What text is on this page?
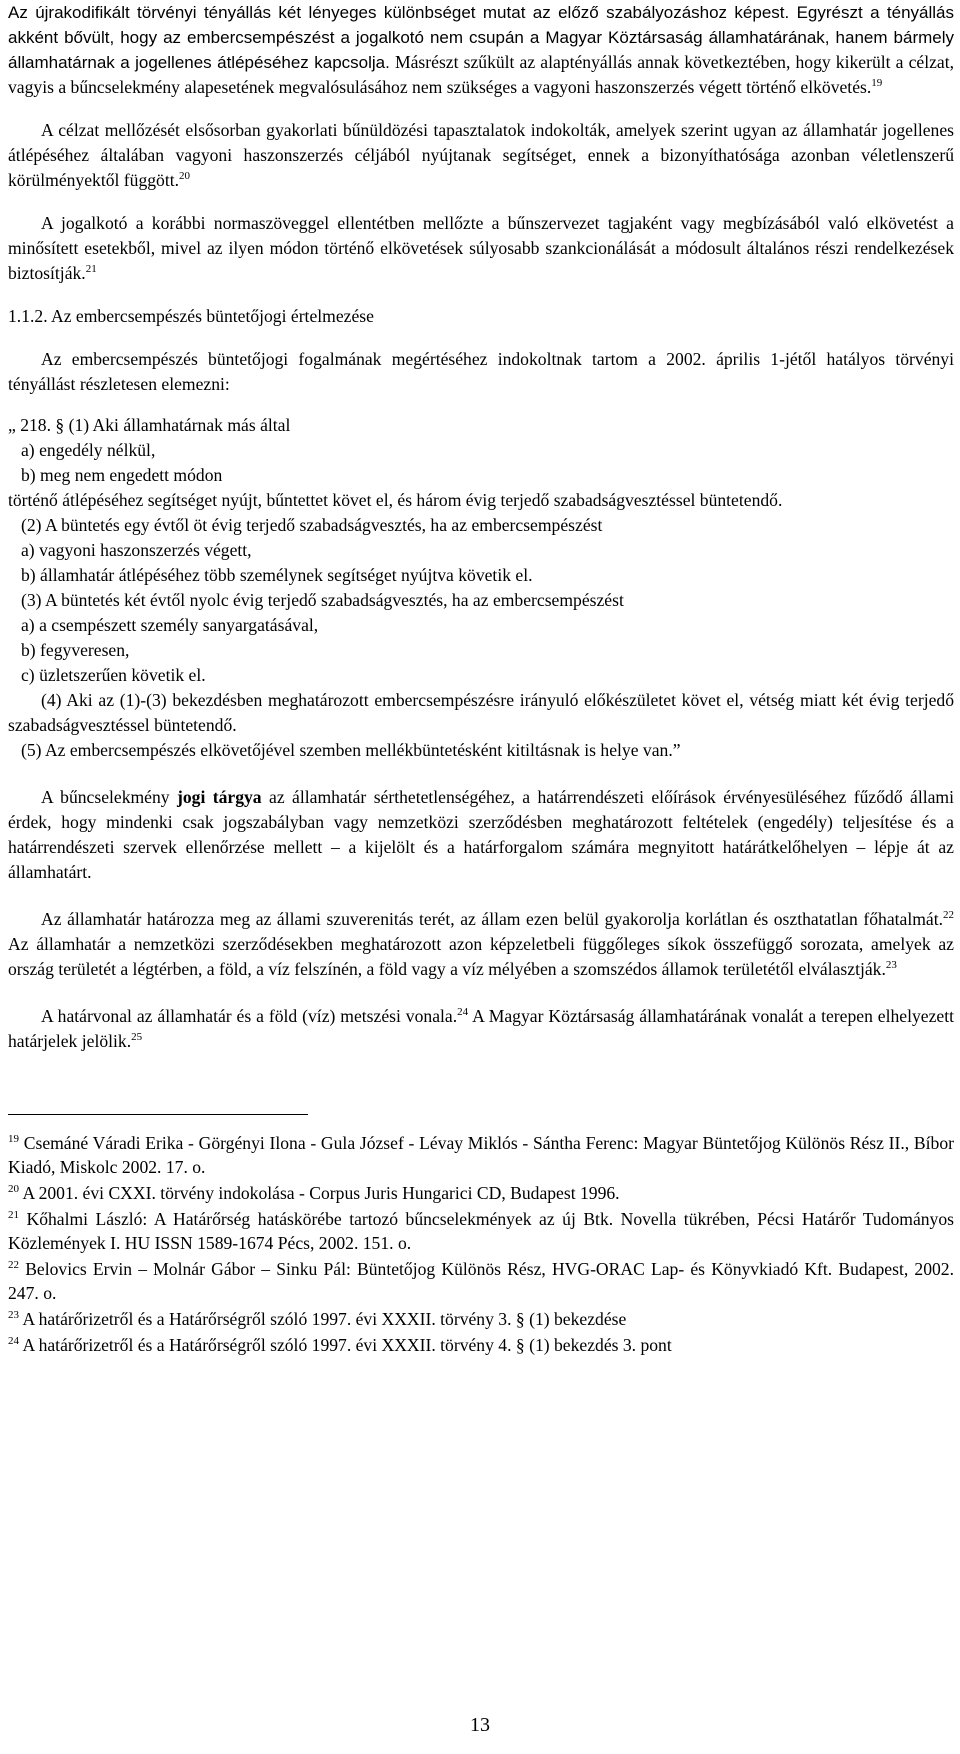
Az újrakodifikált törvényi tényállás két lényeges különbséget mutat az előző szabályozáshoz képest. Egyrészt a tényállás akként bővült, hogy az embercsempészést a jogalkotó nem csupán a Magyar Köztársaság államhatárának, hanem bármely államhatárnak a jogellenes átlépéséhez kapcsolja. Másrészt szűkült az alaptényállás annak következtében, hogy kikerült a célzat, vagyis a bűncselekmény alapesetének megvalósulásához nem szükséges a vagyoni haszonszerzés végett történő elkövetés.$^{19}$

A célzat mellőzését elsősorban gyakorlati bűnüldözési tapasztalatok indokolták, amelyek szerint ugyan az államhatár jogellenes átlépéséhez általában vagyoni haszonszerzés céljából nyújtanak segítséget, ennek a bizonyíthatósága azonban véletlenszerű körülményektől függött.$^{20}$

A jogalkotó a korábbi normaszöveggel ellentétben mellőzte a bűnszervezet tagjaként vagy megbízásából való elkövetést a minősített esetekből, mivel az ilyen módon történő elkövetések súlyosabb szankcionálását a módosult általános részi rendelkezések biztosítják.$^{21}$

1.1.2. Az embercsempészés büntetőjogi értelmezése

Az embercsempészés büntetőjogi fogalmának megértéséhez indokoltnak tartom a 2002. április 1-jétől hatályos törvényi tényállást részletesen elemezni:

„ 218. § (1) Aki államhatárnak más által
a) engedély nélkül,
b) meg nem engedett módon
történő átlépéséhez segítséget nyújt, bűntettet követ el, és három évig terjedő szabadságvesztéssel büntetendő.
(2) A büntetés egy évtől öt évig terjedő szabadságvesztés, ha az embercsempészést
a) vagyoni haszonszerzés végett,
b) államhatár átlépéséhez több személynek segítséget nyújtva követik el.
(3) A büntetés két évtől nyolc évig terjedő szabadságvesztés, ha az embercsempészést
a) a csempészett személy sanyargatásával,
b) fegyveresen,
c) üzletszerűen követik el.
(4) Aki az (1)-(3) bekezdésben meghatározott embercsempészésre irányuló előkészületet követ el, vétség miatt két évig terjedő szabadságvesztéssel büntetendő.
(5) Az embercsempészés elkövetőjével szemben mellékbüntetésként kitiltásnak is helye van.”

A bűncselekmény jogi tárgya az államhatár sérthetetlenségéhez, a határrendészeti előírások érvényesüléséhez fűződő állami érdek, hogy mindenki csak jogszabályban vagy nemzetközi szerződésben meghatározott feltételek (engedély) teljesítése és a határrendészeti szervek ellenőrzése mellett – a kijelölt és a határforgalom számára megnyitott határátkelőhelyen – lépje át az államhatárt.

Az államhatár határozza meg az állami szuverenitás terét, az állam ezen belül gyakorolja korlátlan és oszthatatlan főhatalmát.$^{22}$ Az államhatár a nemzetközi szerződésekben meghatározott azon képzeletbeli függőleges síkok összefüggő sorozata, amelyek az ország területét a légtérben, a föld, a víz felszínén, a föld vagy a víz mélyében a szomszédos államok területétől elválasztják.$^{23}$

A határvonal az államhatár és a föld (víz) metszési vonala.$^{24}$ A Magyar Köztársaság államhatárának vonalát a terepen elhelyezett határjelek jelölik.$^{25}$

$^{19}$ Csemáné Váradi Erika - Görgényi Ilona - Gula József - Lévay Miklós - Sántha Ferenc: Magyar Büntetőjog Különös Rész II., Bíbor Kiadó, Miskolc 2002. 17. o.

$^{20}$ A 2001. évi CXXI. törvény indokolása - Corpus Juris Hungarici CD, Budapest 1996.

$^{21}$ Kőhalmi László: A Határőrség hatáskörébe tartozó bűncselekmények az új Btk. Novella tükrében, Pécsi Határőr Tudományos Közlemények I. HU ISSN 1589-1674 Pécs, 2002. 151. o.

$^{22}$ Belovics Ervin – Molnár Gábor – Sinku Pál: Büntetőjog Különös Rész, HVG-ORAC Lap- és Könyvkiadó Kft. Budapest, 2002. 247. o.

$^{23}$ A határőrizetről és a Határőrségről szóló 1997. évi XXXII. törvény 3. § (1) bekezdése

$^{24}$ A határőrizetről és a Határőrségről szóló 1997. évi XXXII. törvény 4. § (1) bekezdés 3. pont

13
